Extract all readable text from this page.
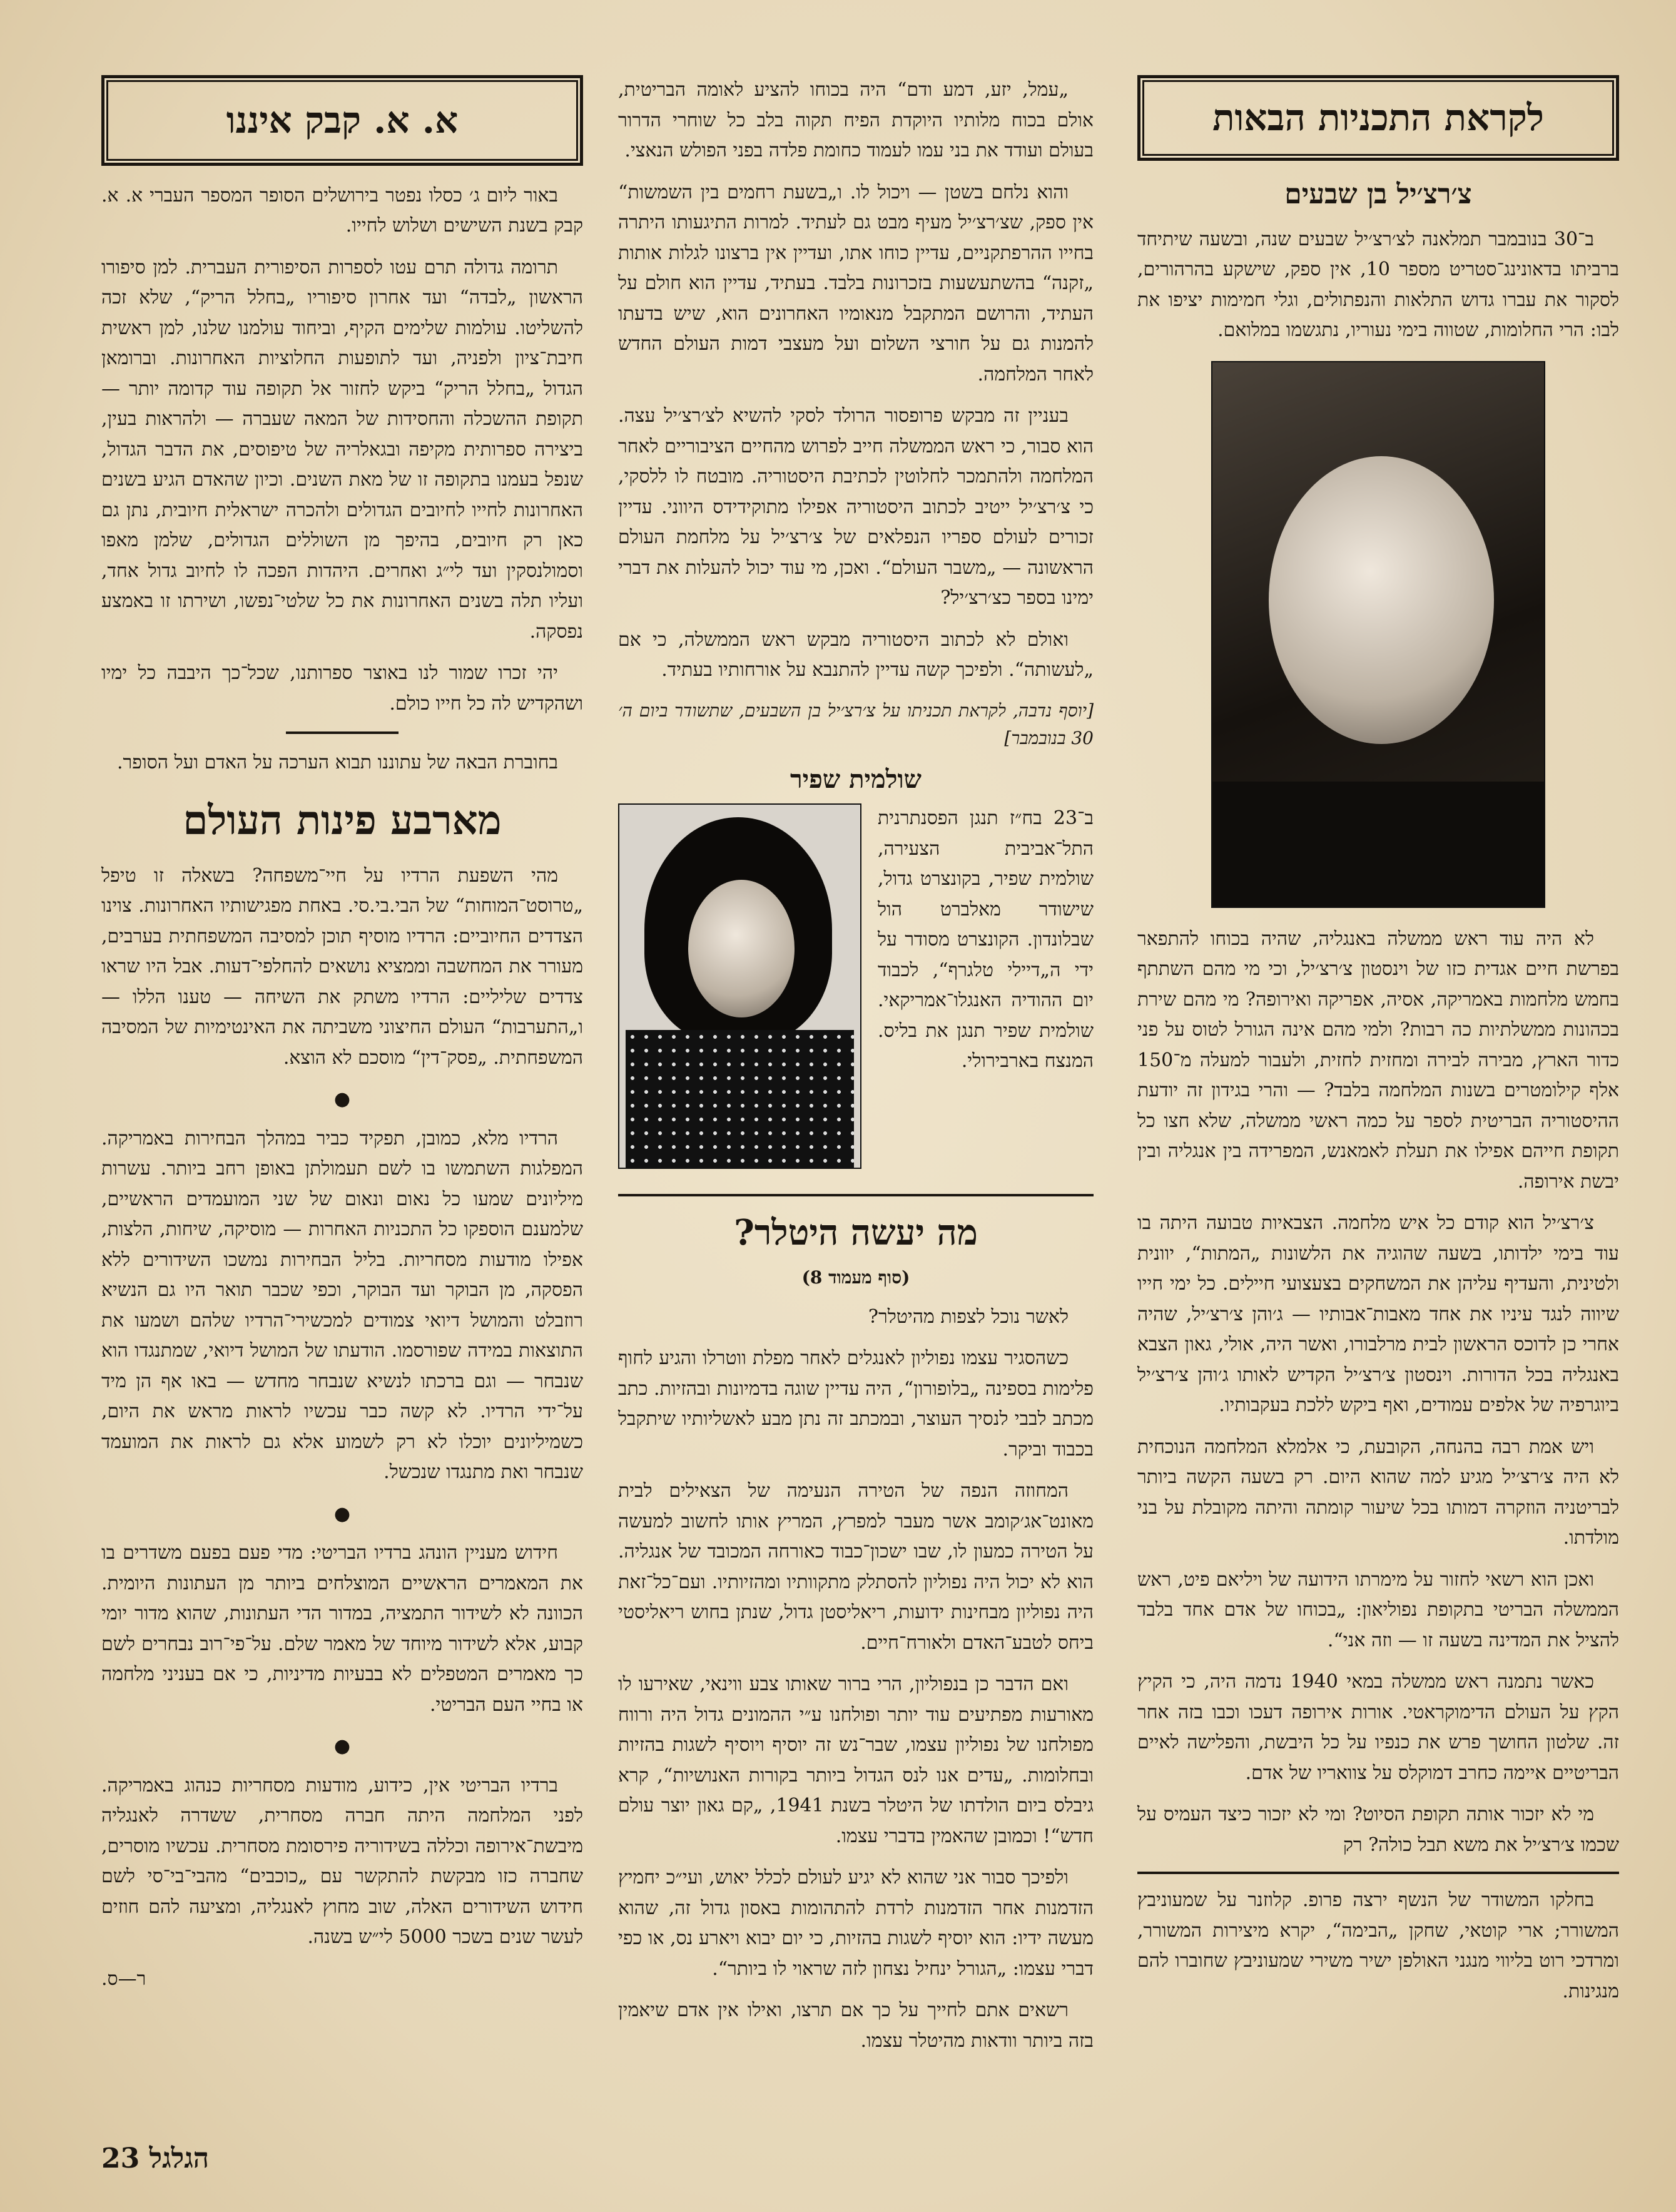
לקראת התכניות הבאות
צ׳רצ׳יל בן שבעים

ב־30 בנובמבר תמלאנה לצ׳רצ׳יל שבעים שנה, ובשעה שיתיחד ברביתו בדאונינג־סטריט מספר 10, אין ספק, שישקע בהרהורים, לסקור את עברו גדוש התלאות והנפתולים, וגלי חמימות יציפו את לבו: הרי החלומות, שטווה בימי נעוריו, נתגשמו במלואם.

לא היה עוד ראש ממשלה באנגליה, שהיה בכוחו להתפאר בפרשת חיים אגדית כזו של וינסטון צ׳רצ׳יל, וכי מי מהם השתתף בחמש מלחמות באמריקה, אסיה, אפריקה ואירופה? מי מהם שירת בכהונות ממשלתיות כה רבות? ולמי מהם אינה הגורל לטוס על פני כדור הארץ, מבירה לבירה ומחזית לחזית, ולעבור למעלה מ־150 אלף קילומטרים בשנות המלחמה בלבד? — והרי בגידון זה יודעת ההיסטוריה הבריטית לספר על כמה ראשי ממשלה, שלא חצו כל תקופת חייהם אפילו את תעלת לאמאנש, המפרידה בין אנגליה ובין יבשת אירופה.

צ׳רצ׳יל הוא קודם כל איש מלחמה. הצבאיות טבועה היתה בו עוד בימי ילדותו, בשעה שהוגיה את הלשונות „המתות“, יוונית ולטינית, והעדיף עליהן את המשחקים בצעצועי חיילים. כל ימי חייו שיווה לנגד עיניו את אחד מאבות־אבותיו — ג׳והן צ׳רצ׳יל, שהיה אחרי כן לדוכס הראשון לבית מרלבורו, ואשר היה, אולי, גאון הצבא באנגליה בכל הדורות. וינסטון צ׳רצ׳יל הקדיש לאותו ג׳והן צ׳רצ׳יל ביוגרפיה של אלפים עמודים, ואף ביקש ללכת בעקבותיו.

ויש אמת רבה בהנחה, הקובעת, כי אלמלא המלחמה הנוכחית לא היה צ׳רצ׳יל מגיע למה שהוא היום. רק בשעה הקשה ביותר לבריטניה הוזקרה דמותו בכל שיעור קומתה והיתה מקובלת על בני מולדתו.

ואכן הוא רשאי לחזור על מימרתו הידועה של ויליאם פיט, ראש הממשלה הבריטי בתקופת נפוליאון: „בכוחו של אדם אחד בלבד להציל את המדינה בשעה זו — וזה אני“.

כאשר נתמנה ראש ממשלה במאי 1940 נדמה היה, כי הקיץ הקץ על העולם הדימוקראטי. אורות אירופה דעכו וכבו בזה אחר זה. שלטון החושך פרש את כנפיו על כל היבשת, והפלישה לאיים הבריטיים איימה כחרב דמוקלס על צוואריו של אדם.

מי לא יזכור אותה תקופת הסיוט? ומי לא יזכור כיצד העמיס על שכמו צ׳רצ׳יל את משא תבל כולה? רק

בחלקו המשודר של הנשף ירצה פרופ. קלוזנר על שמעוניבץ המשורר; ארי קוטאי, שחקן „הבימה“, יקרא מיצירות המשורר, ומרדכי רוט בליווי מנגני האולפן ישיר משירי שמעוניבץ שחוברו להם מנגינות.

„עמל, יזע, דמע ודם“ היה בכוחו להציע לאומה הבריטית, אולם בכוח מלותיו היוקדת הפיח תקוה בלב כל שוחרי הדרור בעולם ועודד את בני עמו לעמוד כחומת פלדה בפני הפולש הנאצי.

והוא נלחם בשטן — ויכול לו. ו„בשעת רחמים בין השמשות“ אין ספק, שצ׳רצ׳יל מעיף מבט גם לעתיד. למרות התיגעותו היתרה בחייו ההרפתקניים, עדיין כוחו אתו, ועדיין אין ברצונו לגלות אותות „זקנה“ בהשתעשעות בזכרונות בלבד. בעתיד, עדיין הוא חולם על העתיד, והרושם המתקבל מנאומיו האחרונים הוא, שיש בדעתו להמנות גם על חורצי השלום ועל מעצבי דמות העולם החדש לאחר המלחמה.

בעניין זה מבקש פרופסור הרולד לסקי להשיא לצ׳רצ׳יל עצה. הוא סבור, כי ראש הממשלה חייב לפרוש מהחיים הציבוריים לאחר המלחמה ולהתמכר לחלוטין לכתיבת היסטוריה. מובטח לו ללסקי, כי צ׳רצ׳יל ייטיב לכתוב היסטוריה אפילו מתוקידידס היווני. עדיין זכורים לעולם ספריו הנפלאים של צ׳רצ׳יל על מלחמת העולם הראשונה — „משבר העולם“. ואכן, מי עוד יכול להעלות את דברי ימינו בספר כצ׳רצ׳יל?

ואולם לא לכתוב היסטוריה מבקש ראש הממשלה, כי אם „לעשותה“. ולפיכך קשה עדיין להתנבא על אורחותיו בעתיד.

[יוסף נדבה, לקראת תכניתו על צ׳רצ׳יל בן השבעים, שתשודר ביום ה׳ 30 בנובמבר]

שולמית שפיר

ב־23 בח״ז תנגן הפסנתרנית התל־אביבית הצעירה, שולמית שפיר, בקונצרט גדול, שישודר מאלברט הול שבלונדון. הקונצרט מסודר על ידי ה„דיילי טלגרף“, לכבוד יום ההודיה האנגלו־אמריקאי. שולמית שפיר תנגן את בליס. המנצח בארבירולי.

מה יעשה היטלר?
(סוף מעמוד 8)

לאשר נוכל לצפות מהיטלר?

כשהסגיר עצמו נפוליון לאנגלים לאחר מפלת ווטרלו והגיע לחוף פלימות בספינה „בלופורון“, היה עדיין שוגה בדמיונות ובהזיות. כתב מכתב לבבי לנסיך העוצר, ובמכתב זה נתן מבע לאשליותיו שיתקבל בכבוד וביקר.

המחוזה הנפה של הטירה הנעימה של הצאילים לבית מאונט־אג׳קומב אשר מעבר למפרץ, המריץ אותו לחשוב למעשה על הטירה כמעון לו, שבו ישכון־כבוד כאורחה המכובד של אנגליה. הוא לא יכול היה נפוליון להסתלק מתקוותיו ומהזיותיו. ועם־כל־זאת היה נפוליון מבחינות ידועות, ריאליסטן גדול, שנתן בחוש ריאליסטי ביחס לטבע־האדם ולאורח־חיים.

ואם הדבר כן בנפוליון, הרי ברור שאותו צבע ווינאי, שאירעו לו מאורעות מפתיעים עוד יותר ופולחנו ע״י ההמונים גדול היה ורווח מפולחנו של נפוליון עצמו, שבר־נש זה יוסיף ויוסיף לשגות בהזיות ובחלומות. „עדים אנו לנס הגדול ביותר בקורות האנושיות“, קרא גיבלס ביום הולדתו של היטלר בשנת 1941, „קם גאון יוצר עולם חדש“! וכמובן שהאמין בדברי עצמו.

ולפיכך סבור אני שהוא לא יגיע לעולם לכלל יאוש, ועי״כ יחמיץ הזדמנות אחר הזדמנות לרדת להתהומות באסון גדול זה, שהוא מעשה ידיו: הוא יוסיף לשגות בהזיות, כי יום יבוא ויארע נס, או כפי דברי עצמו: „הגורל ינחיל נצחון לזה שראוי לו ביותר“.

רשאים אתם לחייך על כך אם תרצו, ואילו אין אדם שיאמין בזה ביותר וודאות מהיטלר עצמו.

א. א. קבק איננו

באור ליום ג׳ כסלו נפטר בירושלים הסופר המספר העברי א. א. קבק בשנת השישים ושלוש לחייו.

תרומה גדולה תרם עטו לספרות הסיפורית העברית. למן סיפורו הראשון „לבדה“ ועד אחרון סיפוריו „בחלל הריק“, שלא זכה להשליטו. עולמות שלימים הקיף, וביחוד עולמנו שלנו, למן ראשית חיבת־ציון ולפניה, ועד לתופעות החלוציות האחרונות. וברומאן הגדול „בחלל הריק“ ביקש לחזור אל תקופה עוד קדומה יותר — תקופת ההשכלה והחסידות של המאה שעברה — ולהראות בעין, ביצירה ספרותית מקיפה ובגאלריה של טיפוסים, את הדבר הגדול, שנפל בעמנו בתקופה זו של מאת השנים. וכיון שהאדם הגיע בשנים האחרונות לחייו לחיובים הגדולים ולהכרה ישראלית חיובית, נתן גם כאן רק חיובים, בהיפך מן השוללים הגדולים, שלמן מאפו וסמולנסקין ועד לי״ג ואחרים. היהדות הפכה לו לחיוב גדול אחד, ועליו תלה בשנים האחרונות את כל שלטי־נפשו, ושירתו זו באמצע נפסקה.

יהי זכרו שמור לנו באוצר ספרותנו, שכל־כך היבבה כל ימיו ושהקדיש לה כל חייו כולם.

בחוברת הבאה של עתוננו תבוא הערכה על האדם ועל הסופר.

מארבע פינות העולם

מהי השפעת הרדיו על חיי־משפחה? בשאלה זו טיפל „טרוסט־המוחות“ של הבי.בי.סי. באחת מפגישותיו האחרונות. צוינו הצדדים החיוביים: הרדיו מוסיף תוכן למסיבה המשפחתית בערבים, מעורר את המחשבה וממציא נושאים להחלפי־דעות. אבל היו שראו צדדים שליליים: הרדיו משתק את השיחה — טענו הללו — ו„התערבות“ העולם החיצוני משביתה את האינטימיות של המסיבה המשפחתית. „פסק־דין“ מוסכם לא הוצא.

●

הרדיו מלא, כמובן, תפקיד כביר במהלך הבחירות באמריקה. המפלגות השתמשו בו לשם תעמולתן באופן רחב ביותר. עשרות מיליונים שמעו כל נאום ונאום של שני המועמדים הראשיים, שלמענם הוספקו כל התכניות האחרות — מוסיקה, שיחות, הלצות, אפילו מודעות מסחריות. בליל הבחירות נמשכו השידורים ללא הפסקה, מן הבוקר ועד הבוקר, וכפי שכבר תואר היו גם הנשיא רוזבלט והמושל דיואי צמודים למכשירי־הרדיו שלהם ושמעו את התוצאות במידה שפורסמו. הודעתו של המושל דיואי, שמתנגדו הוא שנבחר — וגם ברכתו לנשיא שנבחר מחדש — באו אף הן מיד על־ידי הרדיו. לא קשה כבר עכשיו לראות מראש את היום, כשמיליונים יוכלו לא רק לשמוע אלא גם לראות את המועמד שנבחר ואת מתנגדו שנכשל.

●

חידוש מעניין הונהג ברדיו הבריטי: מדי פעם בפעם משדרים בו את המאמרים הראשיים המוצלחים ביותר מן העתונות היומית. הכוונה לא לשידור התמציה, במדור הדי העתונות, שהוא מדור יומי קבוע, אלא לשידור מיוחד של מאמר שלם. על־פי־רוב נבחרים לשם כך מאמרים המטפלים לא בבעיות מדיניות, כי אם בעניני מלחמה או בחיי העם הבריטי.

●

ברדיו הבריטי אין, כידוע, מודעות מסחריות כנהוג באמריקה. לפני המלחמה היתה חברה מסחרית, ששדרה לאנגליה מיבשת־אירופה וכללה בשידוריה פירסומת מסחרית. עכשיו מוסרים, שחברה כזו מבקשת להתקשר עם „כוכבים“ מהבי־בי־סי לשם חידוש השידורים האלה, שוב מחוץ לאנגליה, ומציעה להם חוזים לעשר שנים בשכר 5000 לי״ש בשנה.

ר—ס.
הגלגל 23
